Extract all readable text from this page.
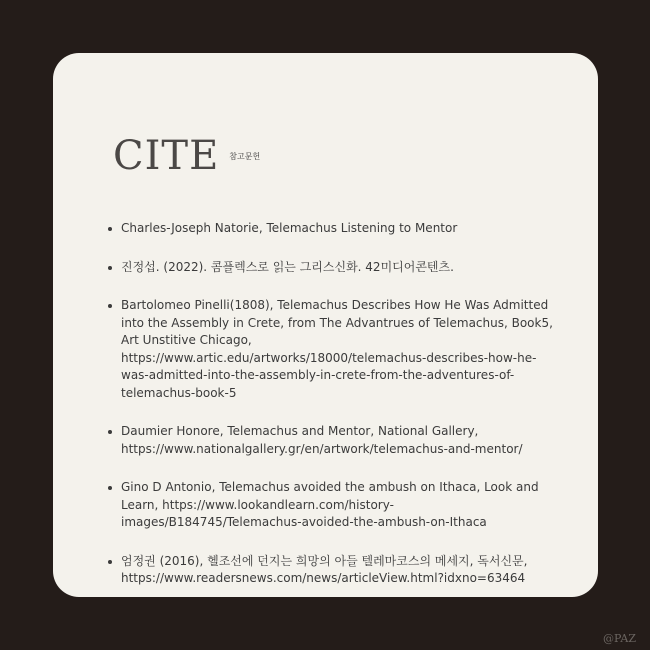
CITE 참고문헌
Charles-Joseph Natorie, Telemachus Listening to Mentor
진정섭. (2022). 콤플렉스로 읽는 그리스신화. 42미디어콘텐츠.
Bartolomeo Pinelli(1808), Telemachus Describes How He Was Admitted into the Assembly in Crete, from The Advantrues of Telemachus, Book5, Art Unstitive Chicago, https://www.artic.edu/artworks/18000/telemachus-describes-how-he-was-admitted-into-the-assembly-in-crete-from-the-adventures-of-telemachus-book-5
Daumier Honore, Telemachus and Mentor, National Gallery, https://www.nationalgallery.gr/en/artwork/telemachus-and-mentor/
Gino D Antonio, Telemachus avoided the ambush on Ithaca, Look and Learn, https://www.lookandlearn.com/history-images/B184745/Telemachus-avoided-the-ambush-on-Ithaca
엄정권 (2016), 헬조선에 던지는 희망의 아들 텔레마코스의 메세지, 독서신문, https://www.readersnews.com/news/articleView.html?idxno=63464
@PAZ
